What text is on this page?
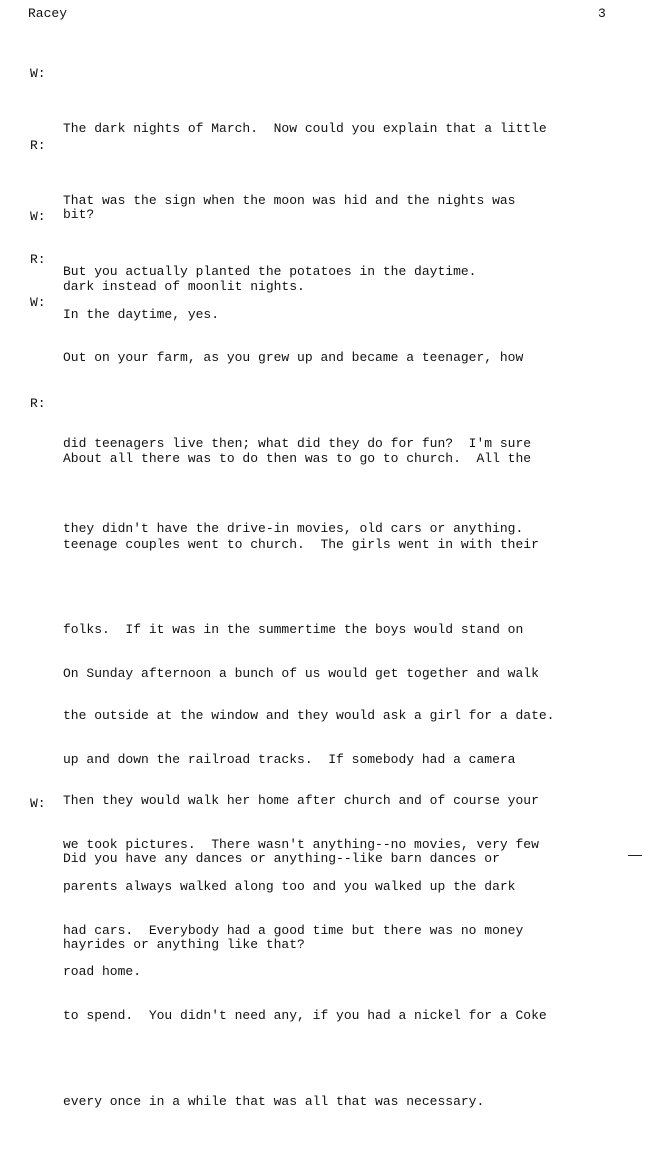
Racey	3
W:

The dark nights of March.  Now could you explain that a little

bit?

R:

That was the sign when the moon was hid and the nights was

dark instead of moonlit nights.

W:

But you actually planted the potatoes in the daytime.

R:

In the daytime, yes.

W:

Out on your farm, as you grew up and became a teenager, how

did teenagers live then; what did they do for fun?  I'm sure

they didn't have the drive-in movies, old cars or anything.

R:

About all there was to do then was to go to church.  All the

teenage couples went to church.  The girls went in with their

folks.  If it was in the summertime the boys would stand on

the outside at the window and they would ask a girl for a date.

Then they would walk her home after church and of course your

parents always walked along too and you walked up the dark

road home.

On Sunday afternoon a bunch of us would get together and walk

up and down the railroad tracks.  If somebody had a camera

we took pictures.  There wasn't anything--no movies, very few

had cars.  Everybody had a good time but there was no money

to spend.  You didn't need any, if you had a nickel for a Coke

every once in a while that was all that was necessary.

W:

Did you have any dances or anything--like barn dances or

hayrides or anything like that?
